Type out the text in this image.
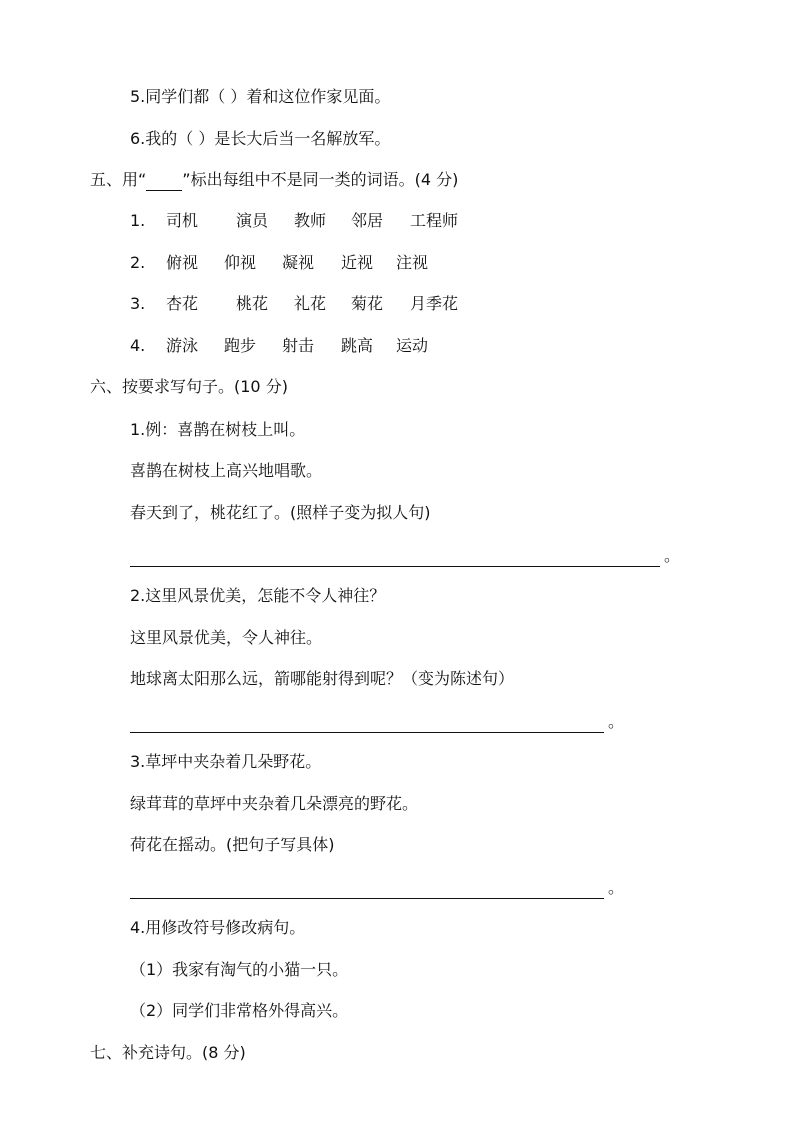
5.同学们都（ ）着和这位作家见面。
6.我的（ ）是长大后当一名解放军。
五、用“ ”标出每组中不是同一类的词语。(4 分)
1. 司机 演员 教师 邻居 工程师
2. 俯视 仰视 凝视 近视 注视
3. 杏花 桃花 礼花 菊花 月季花
4. 游泳 跑步 射击 跳高 运动
六、按要求写句子。(10 分)
1.例：喜鹊在树枝上叫。
喜鹊在树枝上高兴地唱歌。
春天到了，桃花红了。(照样子变为拟人句)
。
2.这里风景优美，怎能不令人神往？
这里风景优美，令人神往。
地球离太阳那么远，箭哪能射得到呢？（变为陈述句）
。
3.草坪中夹杂着几朵野花。
绿茸茸的草坪中夹杂着几朵漂亮的野花。
荷花在摇动。(把句子写具体)
。
4.用修改符号修改病句。
（1）我家有淘气的小猫一只。
（2）同学们非常格外得高兴。
七、补充诗句。(8 分)
